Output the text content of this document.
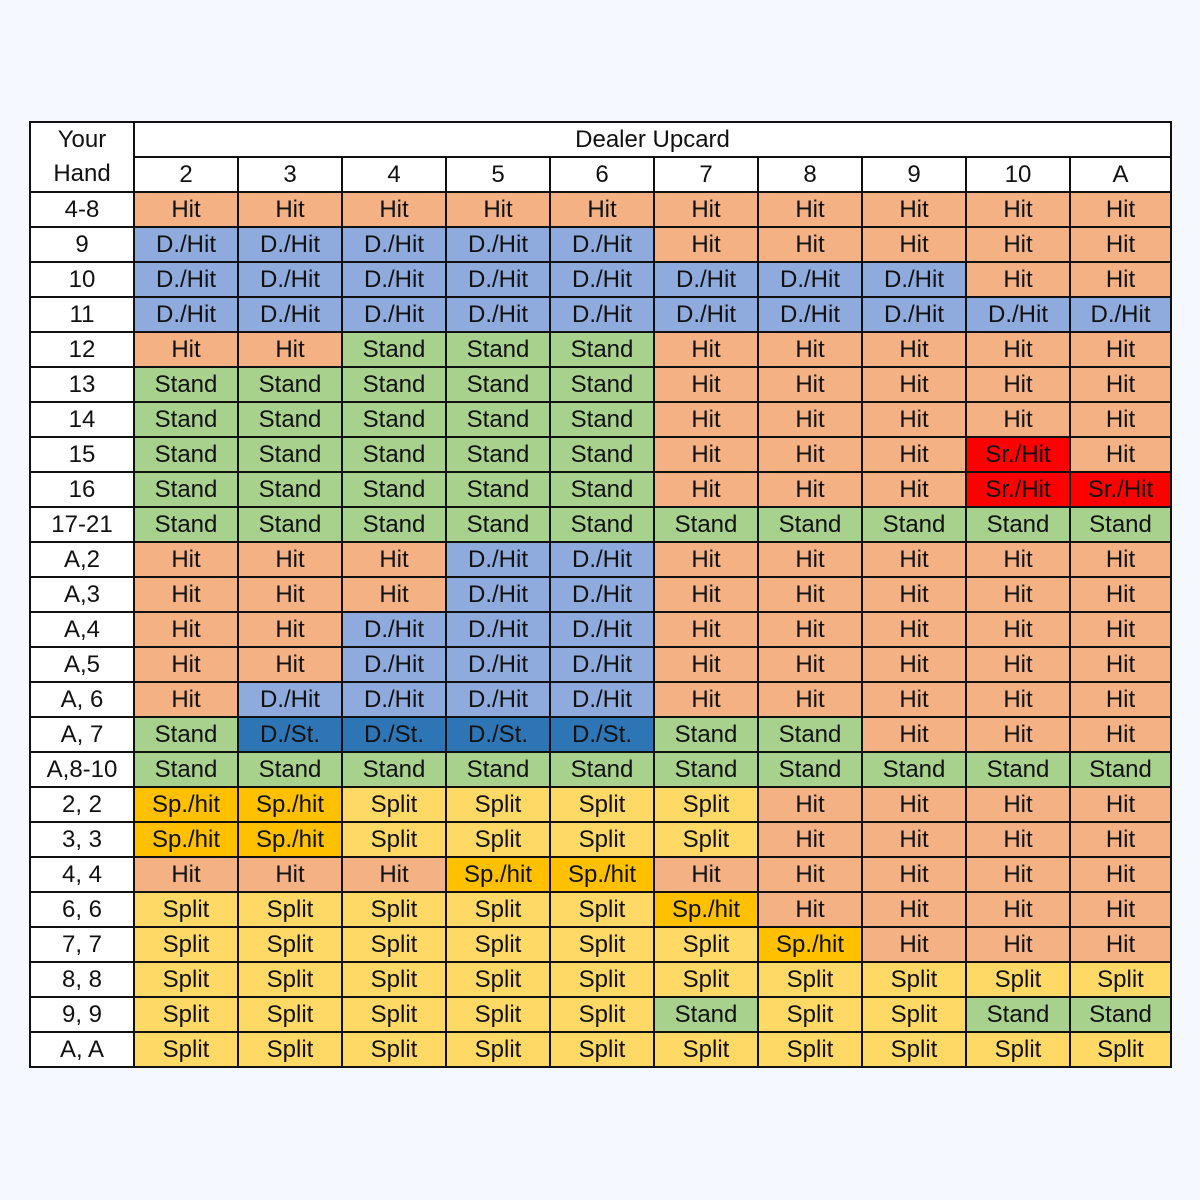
Your
Hand	Dealer Upcard									
	2	3	4	5	6	7	8	9	10	A
4-8	Hit	Hit	Hit	Hit	Hit	Hit	Hit	Hit	Hit	Hit
9	D./Hit	D./Hit	D./Hit	D./Hit	D./Hit	Hit	Hit	Hit	Hit	Hit
10	D./Hit	D./Hit	D./Hit	D./Hit	D./Hit	D./Hit	D./Hit	D./Hit	Hit	Hit
11	D./Hit	D./Hit	D./Hit	D./Hit	D./Hit	D./Hit	D./Hit	D./Hit	D./Hit	D./Hit
12	Hit	Hit	Stand	Stand	Stand	Hit	Hit	Hit	Hit	Hit
13	Stand	Stand	Stand	Stand	Stand	Hit	Hit	Hit	Hit	Hit
14	Stand	Stand	Stand	Stand	Stand	Hit	Hit	Hit	Hit	Hit
15	Stand	Stand	Stand	Stand	Stand	Hit	Hit	Hit	Sr./Hit	Hit
16	Stand	Stand	Stand	Stand	Stand	Hit	Hit	Hit	Sr./Hit	Sr./Hit
17-21	Stand	Stand	Stand	Stand	Stand	Stand	Stand	Stand	Stand	Stand
A,2	Hit	Hit	Hit	D./Hit	D./Hit	Hit	Hit	Hit	Hit	Hit
A,3	Hit	Hit	Hit	D./Hit	D./Hit	Hit	Hit	Hit	Hit	Hit
A,4	Hit	Hit	D./Hit	D./Hit	D./Hit	Hit	Hit	Hit	Hit	Hit
A,5	Hit	Hit	D./Hit	D./Hit	D./Hit	Hit	Hit	Hit	Hit	Hit
A, 6	Hit	D./Hit	D./Hit	D./Hit	D./Hit	Hit	Hit	Hit	Hit	Hit
A, 7	Stand	D./St.	D./St.	D./St.	D./St.	Stand	Stand	Hit	Hit	Hit
A,8-10	Stand	Stand	Stand	Stand	Stand	Stand	Stand	Stand	Stand	Stand
2, 2	Sp./hit	Sp./hit	Split	Split	Split	Split	Hit	Hit	Hit	Hit
3, 3	Sp./hit	Sp./hit	Split	Split	Split	Split	Hit	Hit	Hit	Hit
4, 4	Hit	Hit	Hit	Sp./hit	Sp./hit	Hit	Hit	Hit	Hit	Hit
6, 6	Split	Split	Split	Split	Split	Sp./hit	Hit	Hit	Hit	Hit
7, 7	Split	Split	Split	Split	Split	Split	Sp./hit	Hit	Hit	Hit
8, 8	Split	Split	Split	Split	Split	Split	Split	Split	Split	Split
9, 9	Split	Split	Split	Split	Split	Stand	Split	Split	Stand	Stand
A, A	Split	Split	Split	Split	Split	Split	Split	Split	Split	Split
